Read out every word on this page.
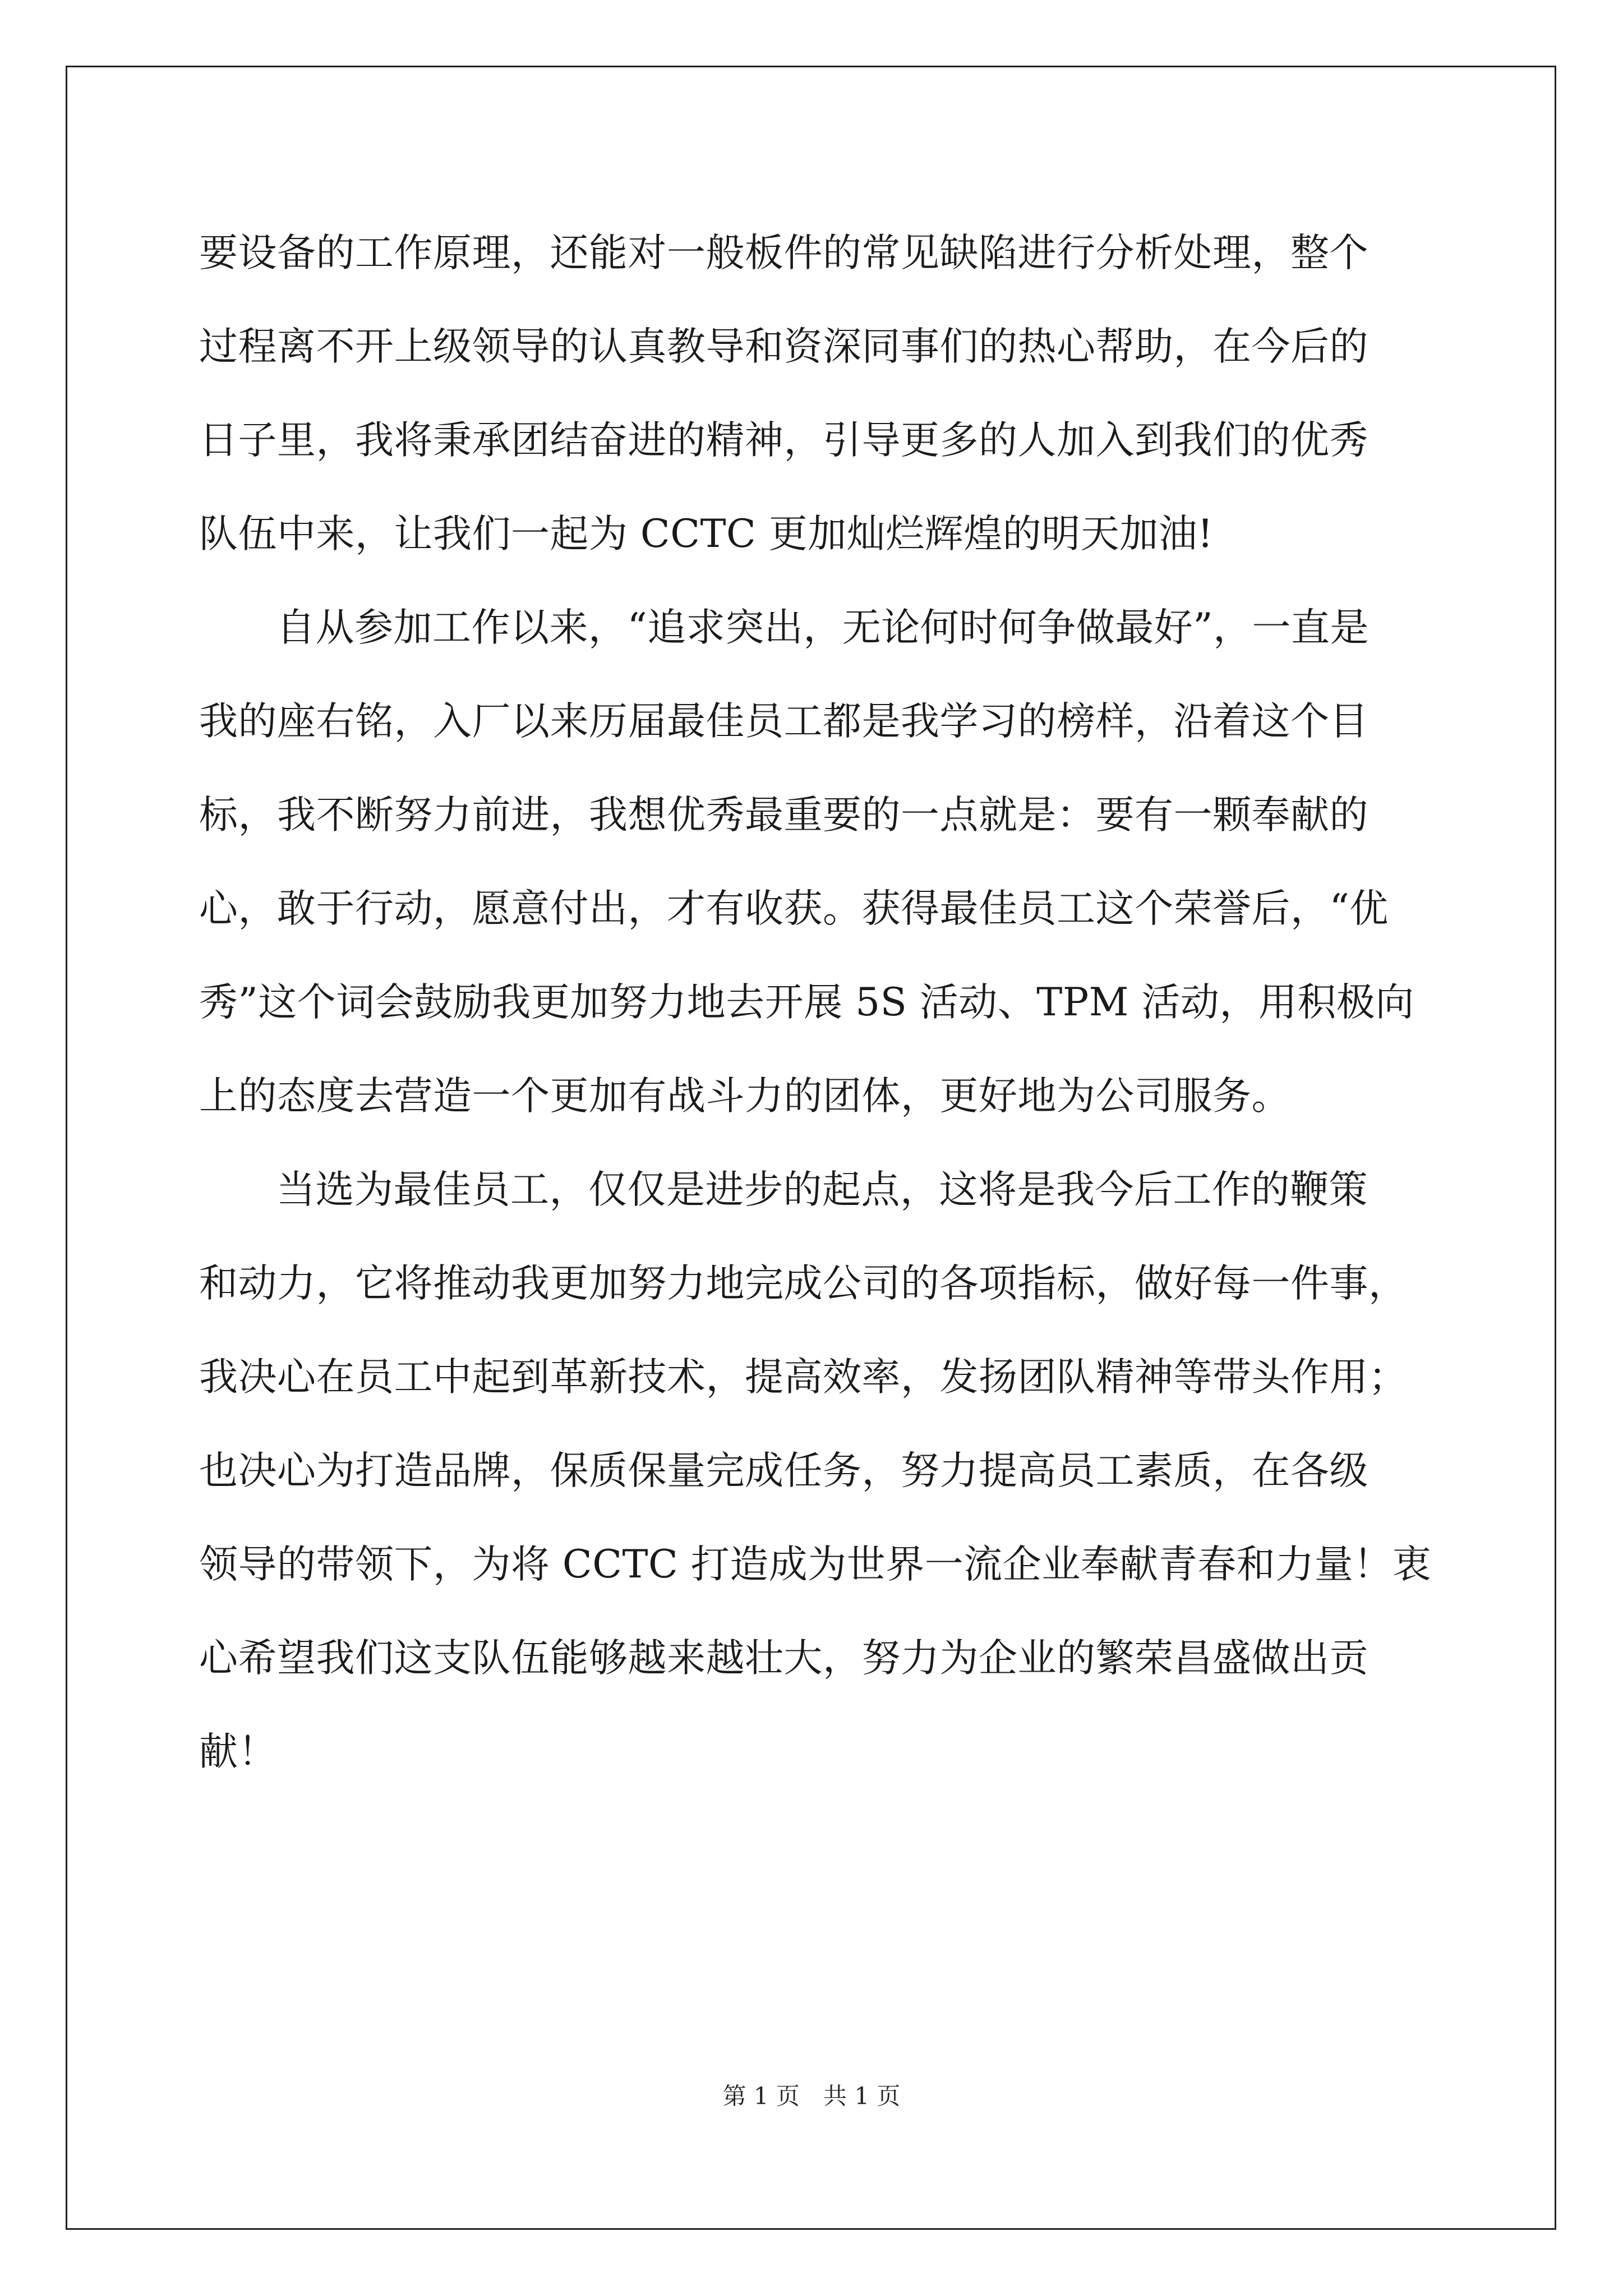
要设备的工作原理，还能对一般板件的常见缺陷进行分析处理，整个
过程离不开上级领导的认真教导和资深同事们的热心帮助，在今后的
日子里，我将秉承团结奋进的精神，引导更多的人加入到我们的优秀
队伍中来，让我们一起为 CCTC 更加灿烂辉煌的明天加油!
自从参加工作以来，“追求突出，无论何时何争做最好”，一直是
我的座右铭，入厂以来历届最佳员工都是我学习的榜样，沿着这个目
标，我不断努力前进，我想优秀最重要的一点就是：要有一颗奉献的
心，敢于行动，愿意付出，才有收获。获得最佳员工这个荣誉后，“优
秀”这个词会鼓励我更加努力地去开展 5S 活动、TPM 活动，用积极向
上的态度去营造一个更加有战斗力的团体，更好地为公司服务。
当选为最佳员工，仅仅是进步的起点，这将是我今后工作的鞭策
和动力，它将推动我更加努力地完成公司的各项指标，做好每一件事，
我决心在员工中起到革新技术，提高效率，发扬团队精神等带头作用；
也决心为打造品牌，保质保量完成任务，努力提高员工素质，在各级
领导的带领下，为将 CCTC 打造成为世界一流企业奉献青春和力量！衷
心希望我们这支队伍能够越来越壮大，努力为企业的繁荣昌盛做出贡
献！
第 1 页　共 1 页
